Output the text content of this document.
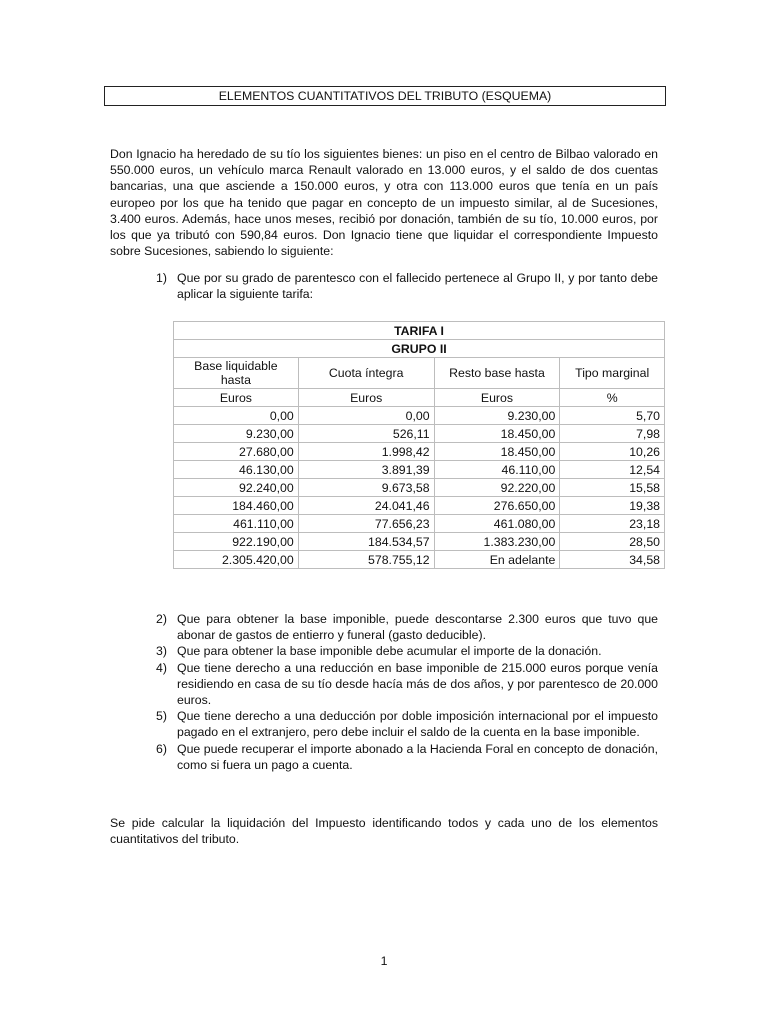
ELEMENTOS CUANTITATIVOS DEL TRIBUTO (ESQUEMA)

Don Ignacio ha heredado de su tío los siguientes bienes: un piso en el centro de Bilbao valorado en 550.000 euros, un vehículo marca Renault valorado en 13.000 euros, y el saldo de dos cuentas bancarias, una que asciende a 150.000 euros, y otra con 113.000 euros que tenía en un país europeo por los que ha tenido que pagar en concepto de un impuesto similar, al de Sucesiones, 3.400 euros. Además, hace unos meses, recibió por donación, también de su tío, 10.000 euros, por los que ya tributó con 590,84 euros. Don Ignacio tiene que liquidar el correspondiente Impuesto sobre Sucesiones, sabiendo lo siguiente:

1) Que por su grado de parentesco con el fallecido pertenece al Grupo II, y por tanto debe aplicar la siguiente tarifa:
TARIFA I			
GRUPO II			
Base liquidable hasta	Cuota íntegra	Resto base hasta	Tipo marginal
Euros	Euros	Euros	%
0,00	0,00	9.230,00	5,70
9.230,00	526,11	18.450,00	7,98
27.680,00	1.998,42	18.450,00	10,26
46.130,00	3.891,39	46.110,00	12,54
92.240,00	9.673,58	92.220,00	15,58
184.460,00	24.041,46	276.650,00	19,38
461.110,00	77.656,23	461.080,00	23,18
922.190,00	184.534,57	1.383.230,00	28,50
2.305.420,00	578.755,12	En adelante	34,58
2) Que para obtener la base imponible, puede descontarse 2.300 euros que tuvo que abonar de gastos de entierro y funeral (gasto deducible).
3) Que para obtener la base imponible debe acumular el importe de la donación.
4) Que tiene derecho a una reducción en base imponible de 215.000 euros porque venía residiendo en casa de su tío desde hacía más de dos años, y por parentesco de 20.000 euros.
5) Que tiene derecho a una deducción por doble imposición internacional por el impuesto pagado en el extranjero, pero debe incluir el saldo de la cuenta en la base imponible.
6) Que puede recuperar el importe abonado a la Hacienda Foral en concepto de donación, como si fuera un pago a cuenta.

Se pide calcular la liquidación del Impuesto identificando todos y cada uno de los elementos cuantitativos del tributo.

1
